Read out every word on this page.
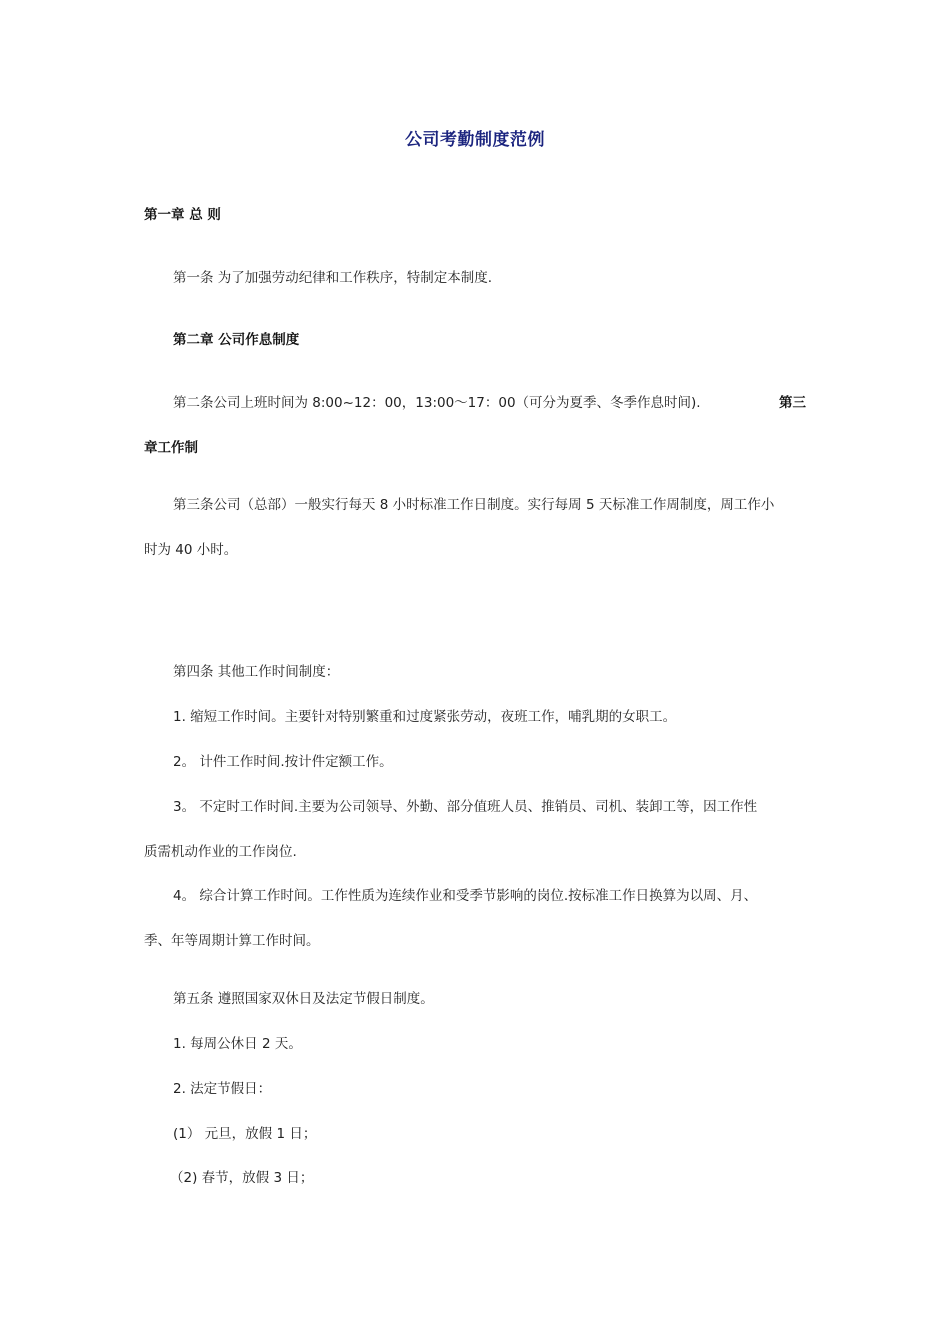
公司考勤制度范例
第一章 总 则
第一条 为了加强劳动纪律和工作秩序，特制定本制度.
第二章 公司作息制度
第二条公司上班时间为 8:00~12：00，13:00～17：00（可分为夏季、冬季作息时间).	第三
章工作制
第三条公司（总部）一般实行每天 8 小时标准工作日制度。实行每周 5 天标准工作周制度，周工作小
时为 40 小时。
第四条 其他工作时间制度：
1. 缩短工作时间。主要针对特别繁重和过度紧张劳动，夜班工作，哺乳期的女职工。
2。 计件工作时间.按计件定额工作。
3。 不定时工作时间.主要为公司领导、外勤、部分值班人员、推销员、司机、装卸工等，因工作性
质需机动作业的工作岗位.
4。 综合计算工作时间。工作性质为连续作业和受季节影响的岗位.按标准工作日换算为以周、月、
季、年等周期计算工作时间。
第五条 遵照国家双休日及法定节假日制度。
1. 每周公休日 2 天。
2. 法定节假日：
(1） 元旦，放假 1 日；
（2) 春节，放假 3 日；
